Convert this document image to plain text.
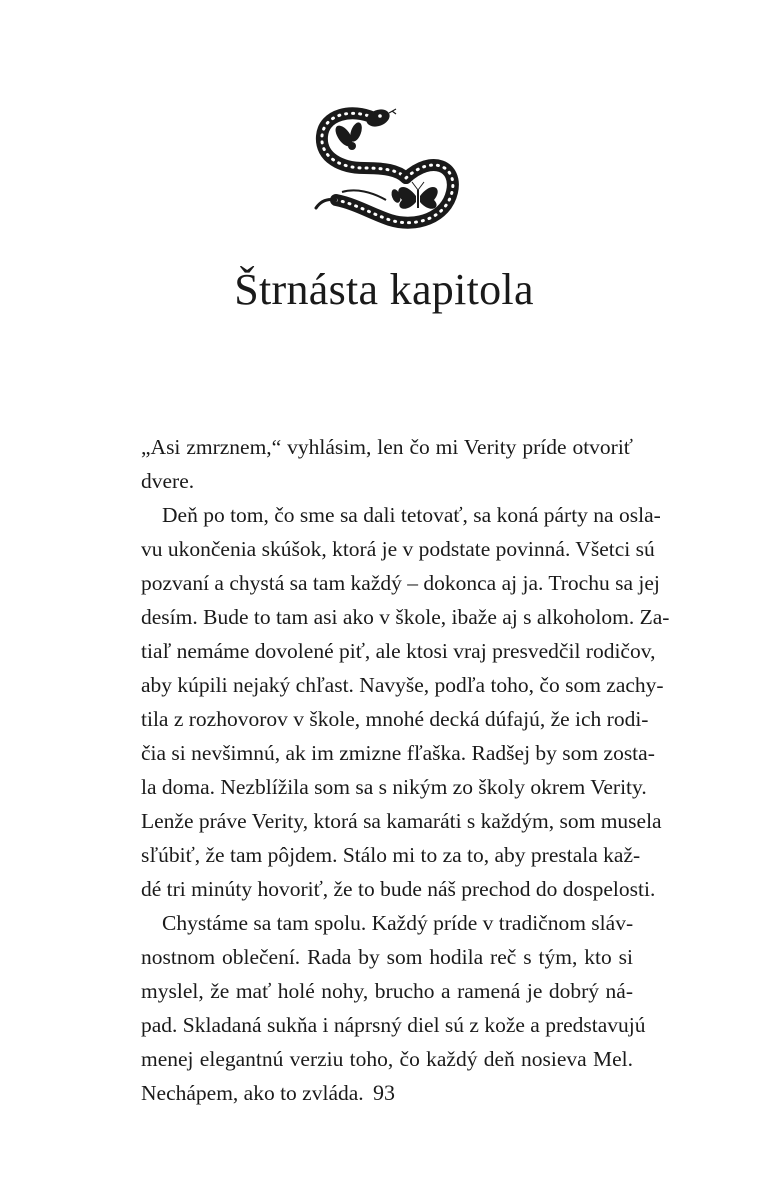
Štrnásta kapitola
„Asi zmrznem,“ vyhlásim, len čo mi Verity príde otvoriť
dvere.
Deň po tom, čo sme sa dali tetovať, sa koná párty na osla-
vu ukončenia skúšok, ktorá je v podstate povinná. Všetci sú
pozvaní a chystá sa tam každý – dokonca aj ja. Trochu sa jej
desím. Bude to tam asi ako v škole, ibaže aj s alkoholom. Za-
tiaľ nemáme dovolené piť, ale ktosi vraj presvedčil rodičov,
aby kúpili nejaký chľast. Navyše, podľa toho, čo som zachy-
tila z rozhovorov v škole, mnohé decká dúfajú, že ich rodi-
čia si nevšimnú, ak im zmizne fľaška. Radšej by som zosta-
la doma. Nezblížila som sa s nikým zo školy okrem Verity.
Lenže práve Verity, ktorá sa kamaráti s každým, som musela
sľúbiť, že tam pôjdem. Stálo mi to za to, aby prestala kaž-
dé tri minúty hovoriť, že to bude náš prechod do dospelosti.
Chystáme sa tam spolu. Každý príde v tradičnom sláv-
nostnom oblečení. Rada by som hodila reč s tým, kto si
myslel, že mať holé nohy, brucho a ramená je dobrý ná-
pad. Skladaná sukňa i náprsný diel sú z kože a predstavujú
menej elegantnú verziu toho, čo každý deň nosieva Mel.
Nechápem, ako to zvláda. 93
